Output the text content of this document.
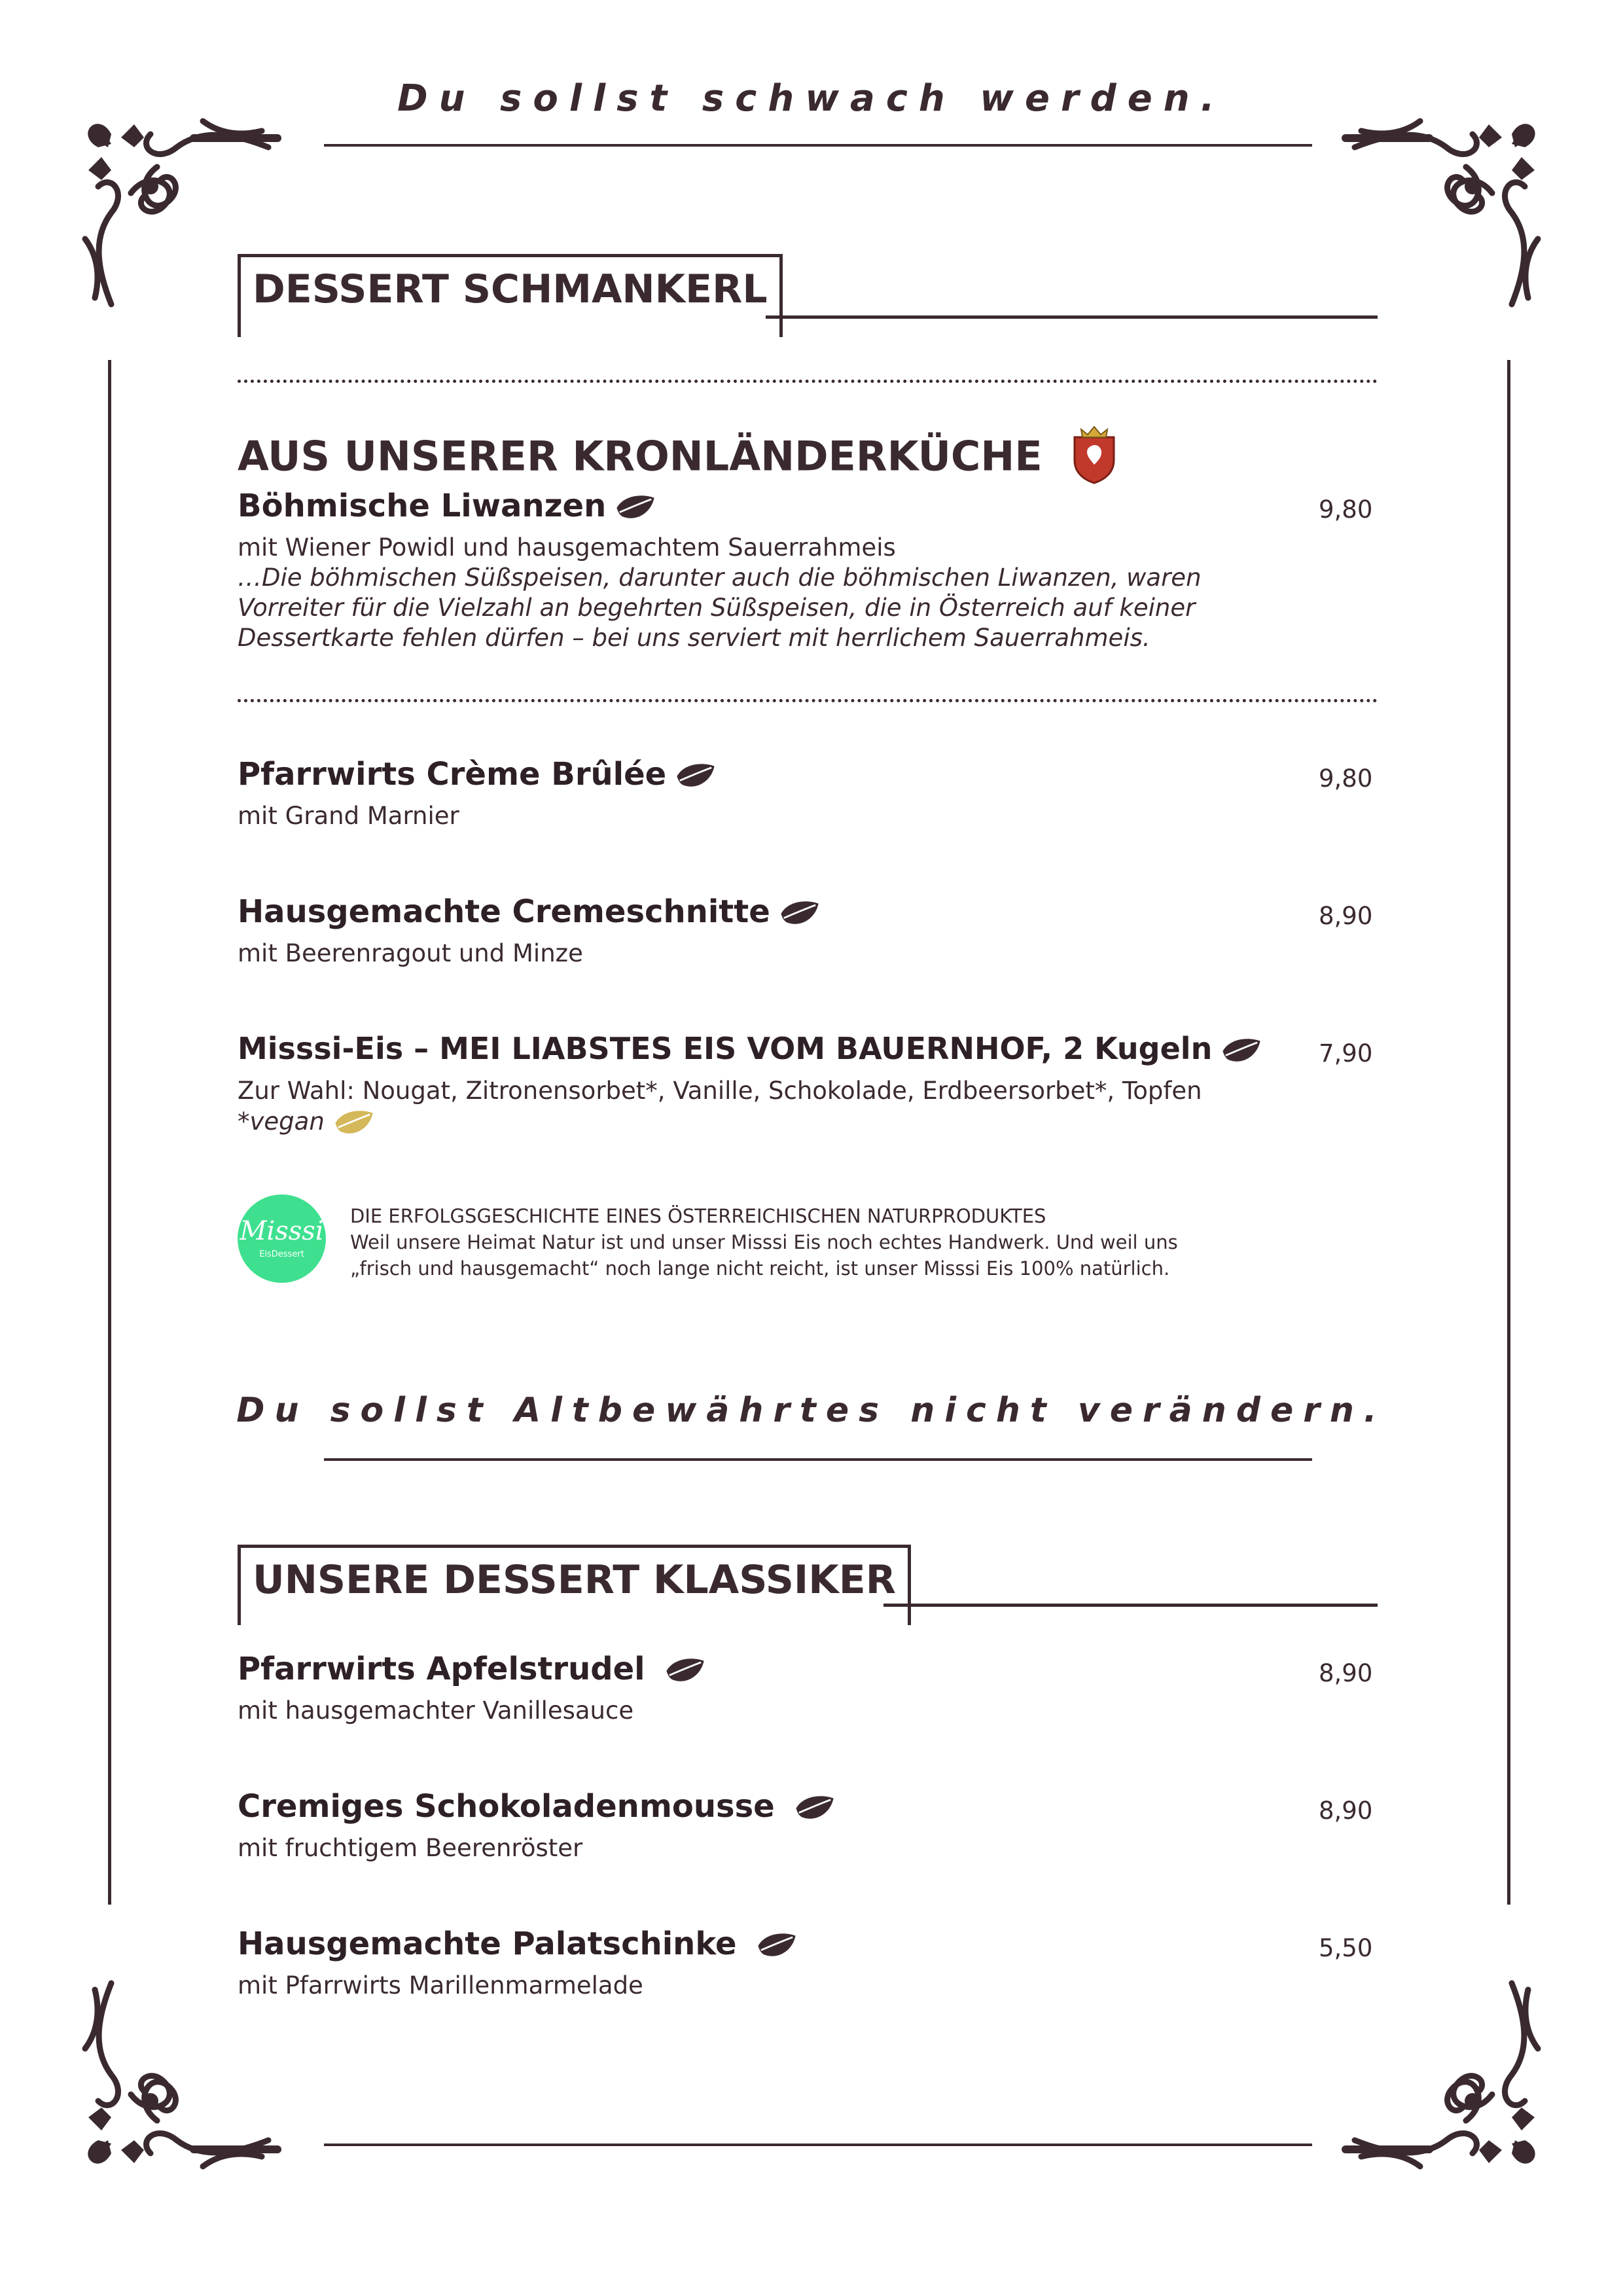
Du sollst schwach werden.
DESSERT SCHMANKERL
AUS UNSERER KRONLÄNDERKÜCHE
Böhmische Liwanzen	9,80
mit Wiener Powidl und hausgemachtem Sauerrahmeis
…Die böhmischen Süßspeisen, darunter auch die böhmischen Liwanzen, waren
Vorreiter für die Vielzahl an begehrten Süßspeisen, die in Österreich auf keiner
Dessertkarte fehlen dürfen – bei uns serviert mit herrlichem Sauerrahmeis.
Pfarrwirts Crème Brûlée	9,80
mit Grand Marnier
Hausgemachte Cremeschnitte	8,90
mit Beerenragout und Minze
Misssi-Eis – MEI LIABSTES EIS VOM BAUERNHOF, 2 Kugeln	7,90
Zur Wahl: Nougat, Zitronensorbet*, Vanille, Schokolade, Erdbeersorbet*, Topfen
*vegan
Misssi
EisDessert
DIE ERFOLGSGESCHICHTE EINES ÖSTERREICHISCHEN NATURPRODUKTES
Weil unsere Heimat Natur ist und unser Misssi Eis noch echtes Handwerk. Und weil uns
„frisch und hausgemacht“ noch lange nicht reicht, ist unser Misssi Eis 100% natürlich.
Du sollst Altbewährtes nicht verändern.
UNSERE DESSERT KLASSIKER
Pfarrwirts Apfelstrudel	8,90
mit hausgemachter Vanillesauce
Cremiges Schokoladenmousse	8,90
mit fruchtigem Beerenröster
Hausgemachte Palatschinke	5,50
mit Pfarrwirts Marillenmarmelade
